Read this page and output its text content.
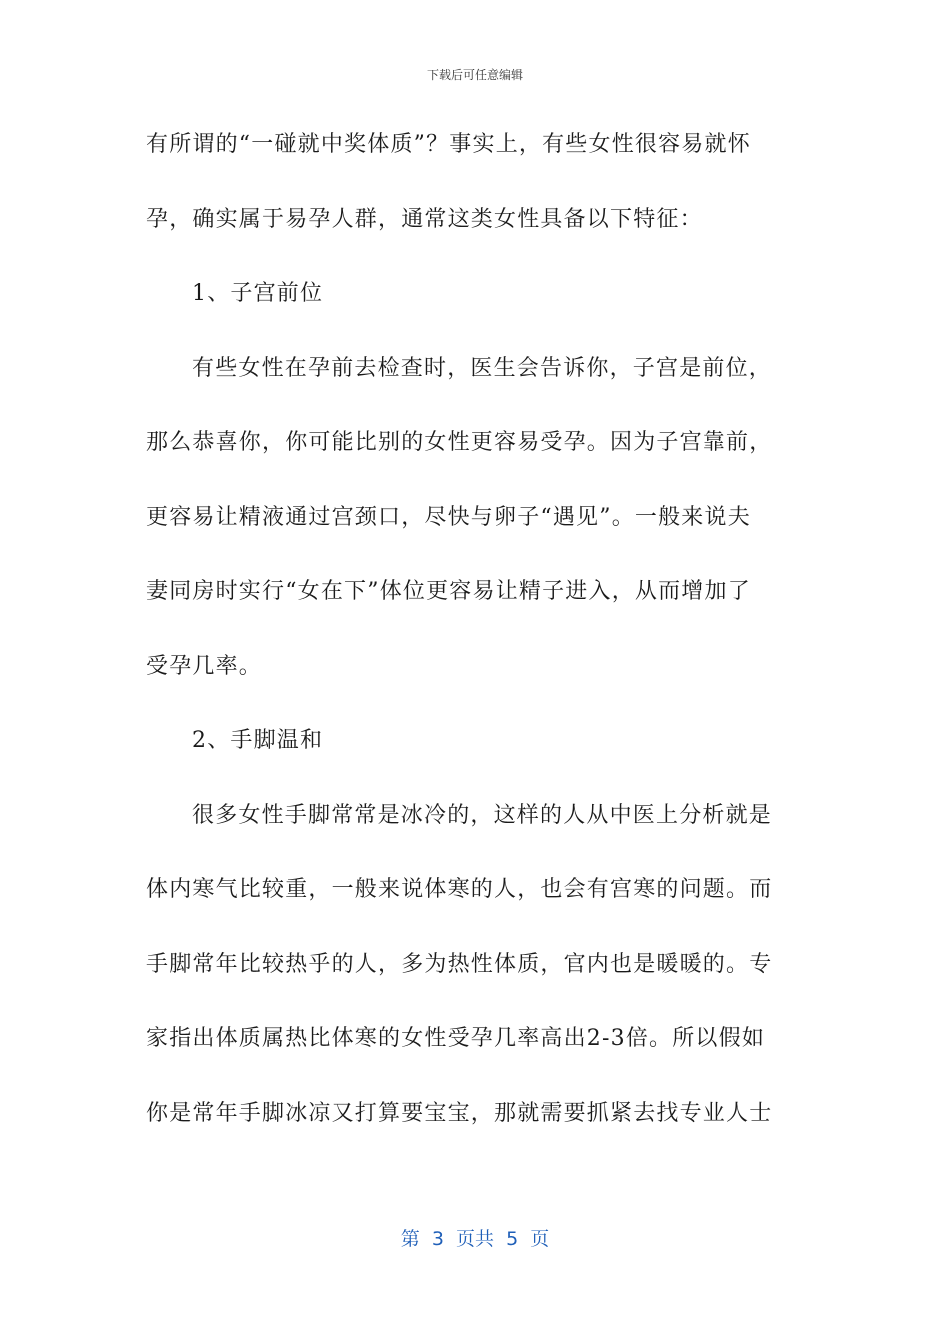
下载后可任意编辑
有所谓的“一碰就中奖体质”？事实上，有些女性很容易就怀
孕，确实属于易孕人群，通常这类女性具备以下特征：
1、子宫前位
有些女性在孕前去检查时，医生会告诉你，子宫是前位，
那么恭喜你，你可能比别的女性更容易受孕。因为子宫靠前，
更容易让精液通过宫颈口，尽快与卵子“遇见”。一般来说夫
妻同房时实行“女在下”体位更容易让精子进入，从而增加了
受孕几率。
2、手脚温和
很多女性手脚常常是冰冷的，这样的人从中医上分析就是
体内寒气比较重，一般来说体寒的人，也会有宫寒的问题。而
手脚常年比较热乎的人，多为热性体质，官内也是暖暖的。专
家指出体质属热比体寒的女性受孕几率高出2-3倍。所以假如
你是常年手脚冰凉又打算要宝宝，那就需要抓紧去找专业人士
第  3  页共  5  页
